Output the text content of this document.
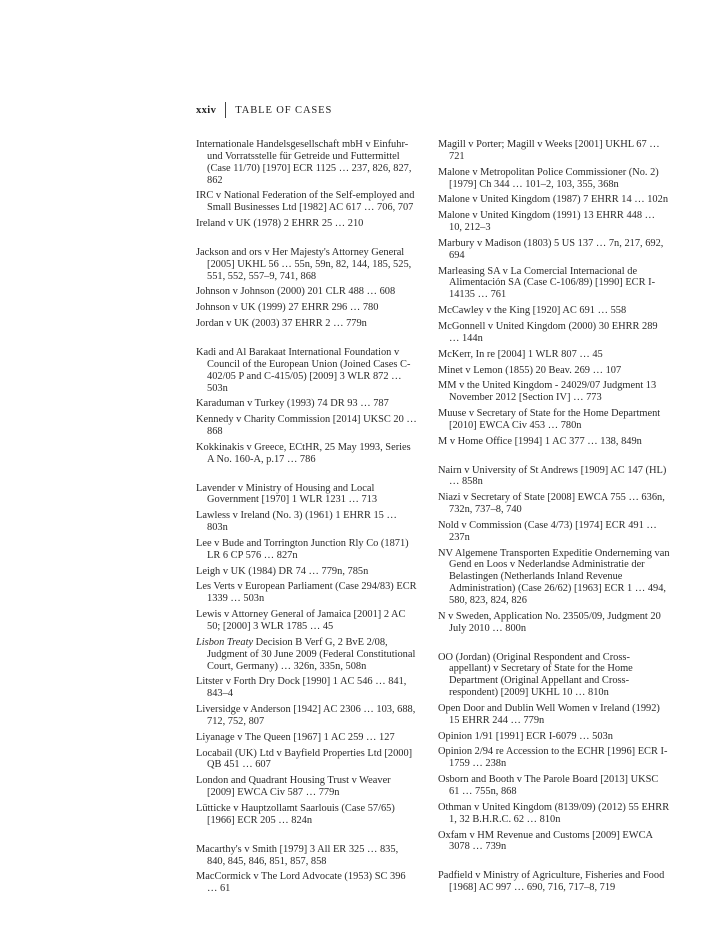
xxiv TABLE OF CASES

Internationale Handelsgesellschaft mbH v Einfuhr- und Vorratsstelle für Getreide und Futtermittel (Case 11/70) [1970] ECR 1125 … 237, 826, 827, 862

IRC v National Federation of the Self-employed and Small Businesses Ltd [1982] AC 617 … 706, 707

Ireland v UK (1978) 2 EHRR 25 … 210

Jackson and ors v Her Majesty's Attorney General [2005] UKHL 56 … 55n, 59n, 82, 144, 185, 525, 551, 552, 557–9, 741, 868

Johnson v Johnson (2000) 201 CLR 488 … 608

Johnson v UK (1999) 27 EHRR 296 … 780

Jordan v UK (2003) 37 EHRR 2 … 779n

Kadi and Al Barakaat International Foundation v Council of the European Union (Joined Cases C-402/05 P and C-415/05) [2009] 3 WLR 872 … 503n

Karaduman v Turkey (1993) 74 DR 93 … 787

Kennedy v Charity Commission [2014] UKSC 20 … 868

Kokkinakis v Greece, ECtHR, 25 May 1993, Series A No. 160-A, p.17 … 786

Lavender v Ministry of Housing and Local Government [1970] 1 WLR 1231 … 713

Lawless v Ireland (No. 3) (1961) 1 EHRR 15 … 803n

Lee v Bude and Torrington Junction Rly Co (1871) LR 6 CP 576 … 827n

Leigh v UK (1984) DR 74 … 779n, 785n

Les Verts v European Parliament (Case 294/83) ECR 1339 … 503n

Lewis v Attorney General of Jamaica [2001] 2 AC 50; [2000] 3 WLR 1785 … 45

Lisbon Treaty Decision B Verf G, 2 BvE 2/08, Judgment of 30 June 2009 (Federal Constitutional Court, Germany) … 326n, 335n, 508n

Litster v Forth Dry Dock [1990] 1 AC 546 … 841, 843–4

Liversidge v Anderson [1942] AC 2306 … 103, 688, 712, 752, 807

Liyanage v The Queen [1967] 1 AC 259 … 127

Locabail (UK) Ltd v Bayfield Properties Ltd [2000] QB 451 … 607

London and Quadrant Housing Trust v Weaver [2009] EWCA Civ 587 … 779n

Lütticke v Hauptzollamt Saarlouis (Case 57/65) [1966] ECR 205 … 824n

Macarthy's v Smith [1979] 3 All ER 325 … 835, 840, 845, 846, 851, 857, 858

MacCormick v The Lord Advocate (1953) SC 396 … 61

Magill v Porter; Magill v Weeks [2001] UKHL 67 … 721

Malone v Metropolitan Police Commissioner (No. 2) [1979] Ch 344 … 101–2, 103, 355, 368n

Malone v United Kingdom (1987) 7 EHRR 14 … 102n

Malone v United Kingdom (1991) 13 EHRR 448 … 10, 212–3

Marbury v Madison (1803) 5 US 137 … 7n, 217, 692, 694

Marleasing SA v La Comercial Internacional de Alimentación SA (Case C-106/89) [1990] ECR I-14135 … 761

McCawley v the King [1920] AC 691 … 558

McGonnell v United Kingdom (2000) 30 EHRR 289 … 144n

McKerr, In re [2004] 1 WLR 807 … 45

Minet v Lemon (1855) 20 Beav. 269 … 107

MM v the United Kingdom - 24029/07 Judgment 13 November 2012 [Section IV] … 773

Muuse v Secretary of State for the Home Department [2010] EWCA Civ 453 … 780n

M v Home Office [1994] 1 AC 377 … 138, 849n

Nairn v University of St Andrews [1909] AC 147 (HL) … 858n

Niazi v Secretary of State [2008] EWCA 755 … 636n, 732n, 737–8, 740

Nold v Commission (Case 4/73) [1974] ECR 491 … 237n

NV Algemene Transporten Expeditie Onderneming van Gend en Loos v Nederlandse Administratie der Belastingen (Netherlands Inland Revenue Administration) (Case 26/62) [1963] ECR 1 … 494, 580, 823, 824, 826

N v Sweden, Application No. 23505/09, Judgment 20 July 2010 … 800n

OO (Jordan) (Original Respondent and Cross-appellant) v Secretary of State for the Home Department (Original Appellant and Cross-respondent) [2009] UKHL 10 … 810n

Open Door and Dublin Well Women v Ireland (1992) 15 EHRR 244 … 779n

Opinion 1/91 [1991] ECR I-6079 … 503n

Opinion 2/94 re Accession to the ECHR [1996] ECR I-1759 … 238n

Osborn and Booth v The Parole Board [2013] UKSC 61 … 755n, 868

Othman v United Kingdom (8139/09) (2012) 55 EHRR 1, 32 B.H.R.C. 62 … 810n

Oxfam v HM Revenue and Customs [2009] EWCA 3078 … 739n

Padfield v Ministry of Agriculture, Fisheries and Food [1968] AC 997 … 690, 716, 717–8, 719
